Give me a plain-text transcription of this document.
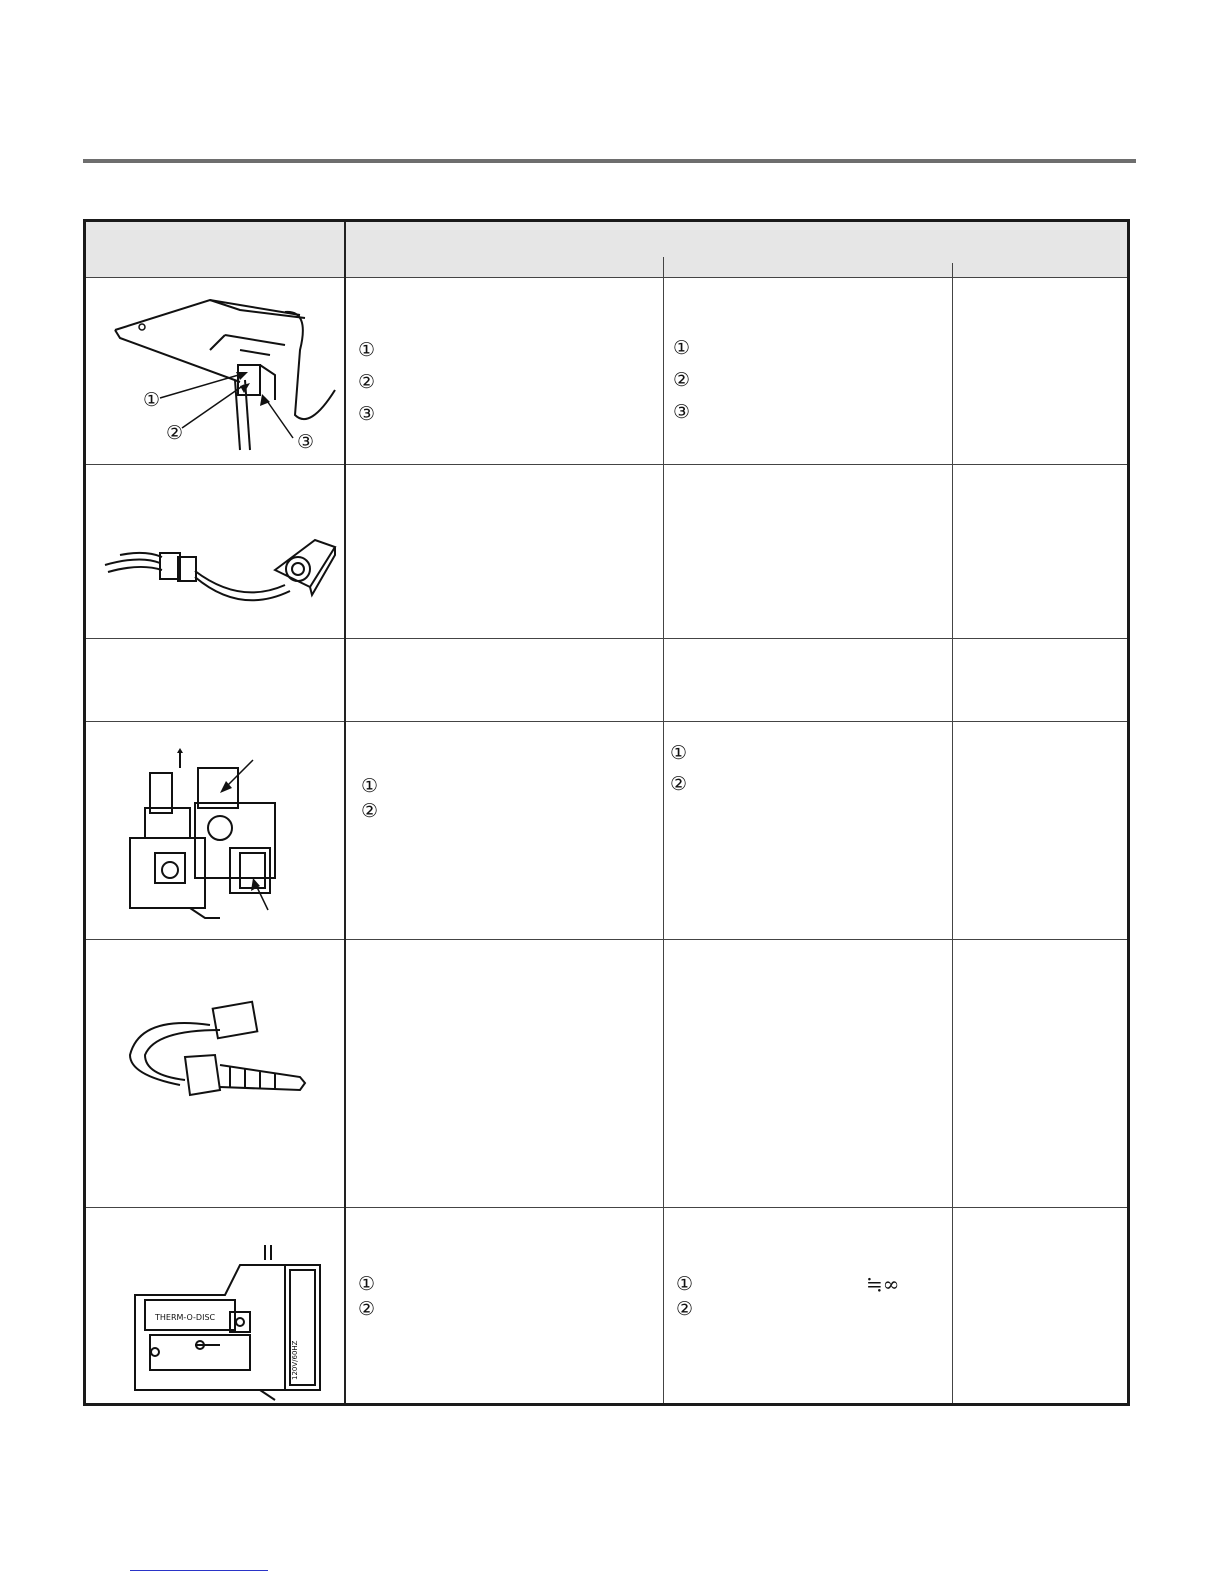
①
②	③
①
②
③
①
②
③
①
②
①
②
THERM-O-DISC
120V/60HZ
①
②
①
②
≒∞
